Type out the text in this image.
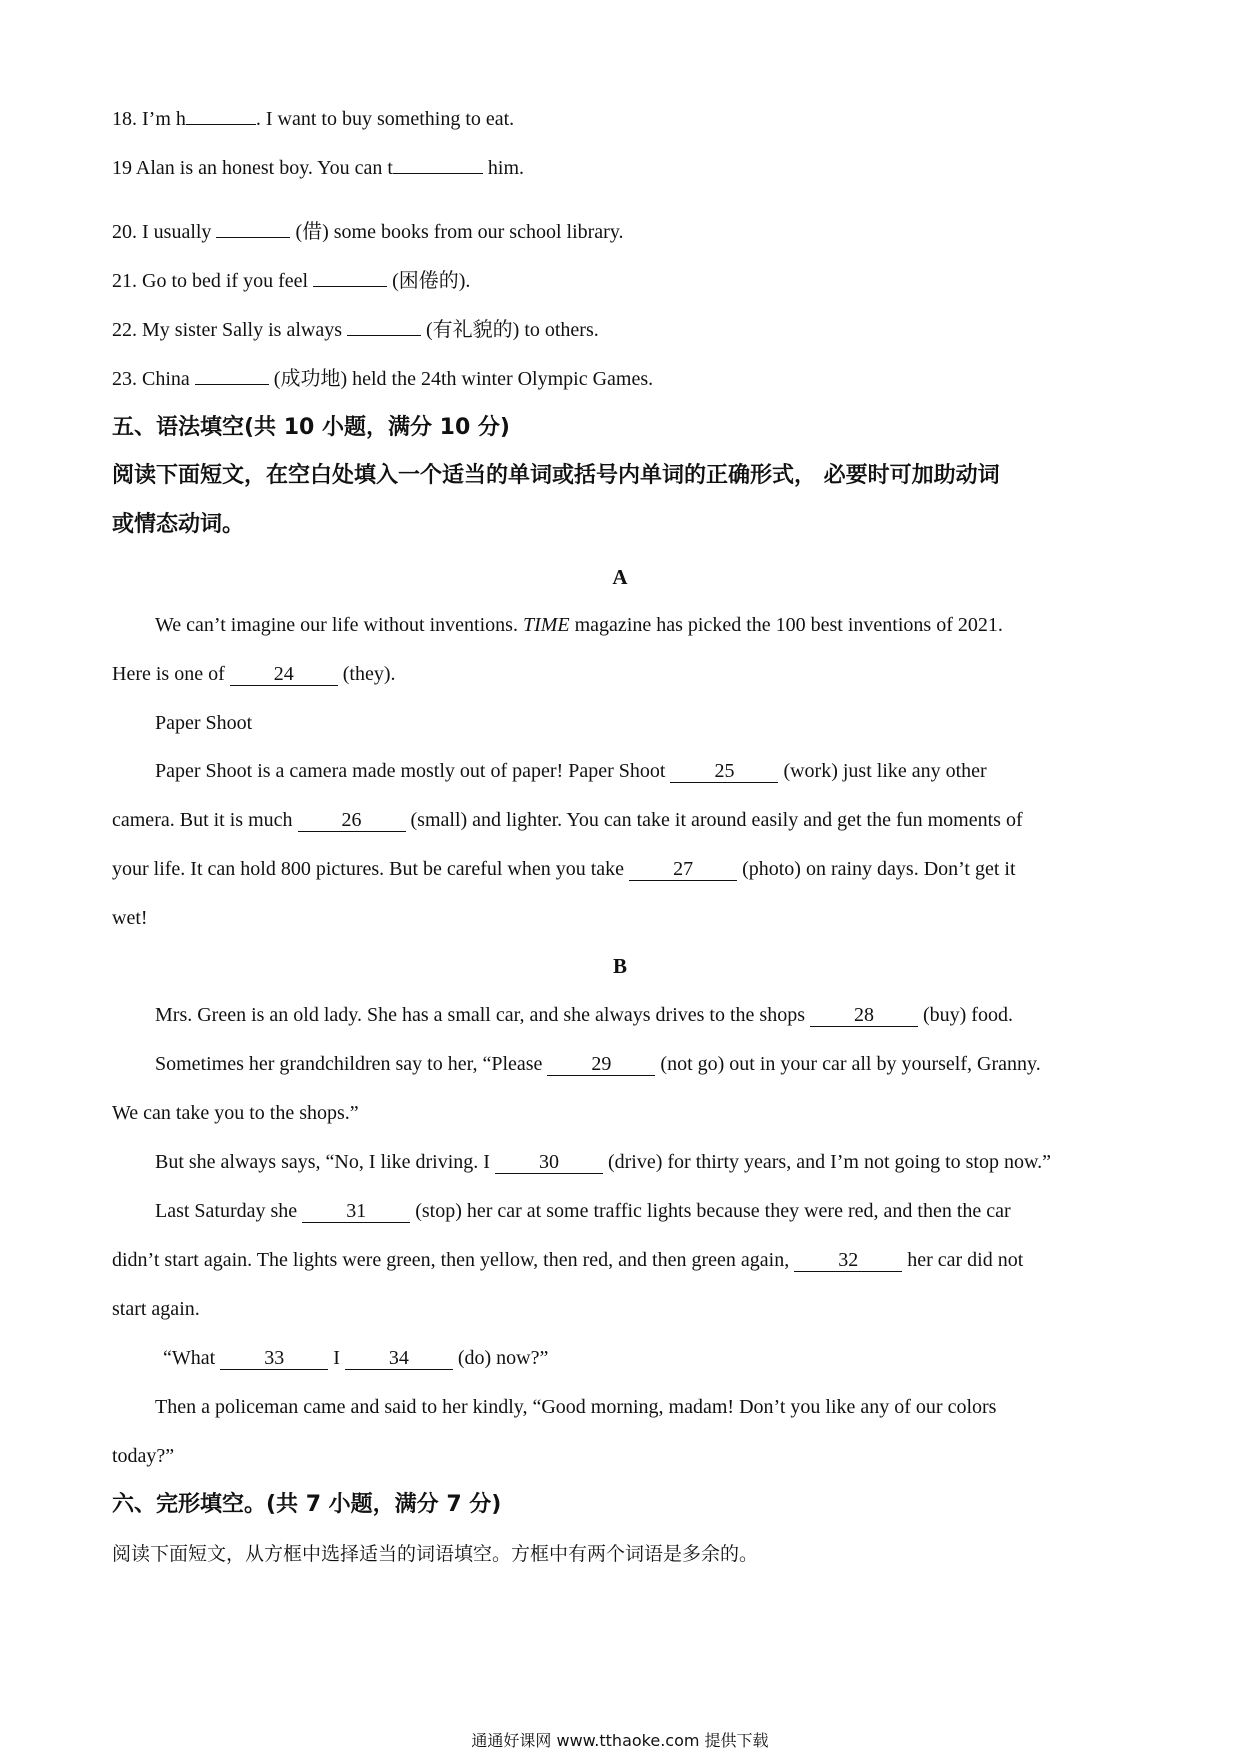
18. I’m h	. I want to buy something to eat.
19 Alan is an honest boy. You can t	him.
20. I usually	(借) some books from our school library.
21. Go to bed if you feel	(困倦的).
22. My sister Sally is always	(有礼貌的) to others.
23. China	(成功地) held the 24th winter Olympic Games.
五、语法填空(共 10 小题，满分 10 分)
阅读下面短文，在空白处填入一个适当的单词或括号内单词的正确形式， 必要时可加助动词
或情态动词。
A
We can’t imagine our life without inventions. TIME magazine has picked the 100 best inventions of 2021.
Here is one of 24 (they).
Paper Shoot
Paper Shoot is a camera made mostly out of paper! Paper Shoot 25 (work) just like any other
camera. But it is much 26 (small) and lighter. You can take it around easily and get the fun moments of
your life. It can hold 800 pictures. But be careful when you take 27 (photo) on rainy days. Don’t get it
wet!
B
Mrs. Green is an old lady. She has a small car, and she always drives to the shops 28 (buy) food.
Sometimes her grandchildren say to her, “Please 29 (not go) out in your car all by yourself, Granny.
We can take you to the shops.”
But she always says, “No, I like driving. I 30 (drive) for thirty years, and I’m not going to stop now.”
Last Saturday she 31 (stop) her car at some traffic lights because they were red, and then the car
didn’t start again. The lights were green, then yellow, then red, and then green again, 32 her car did not
start again.
“What 33 I 34 (do) now?”
Then a policeman came and said to her kindly, “Good morning, madam! Don’t you like any of our colors
today?”
六、完形填空。(共 7 小题，满分 7 分)
阅读下面短文，从方框中选择适当的词语填空。方框中有两个词语是多余的。
通通好课网 www.tthaoke.com 提供下载
